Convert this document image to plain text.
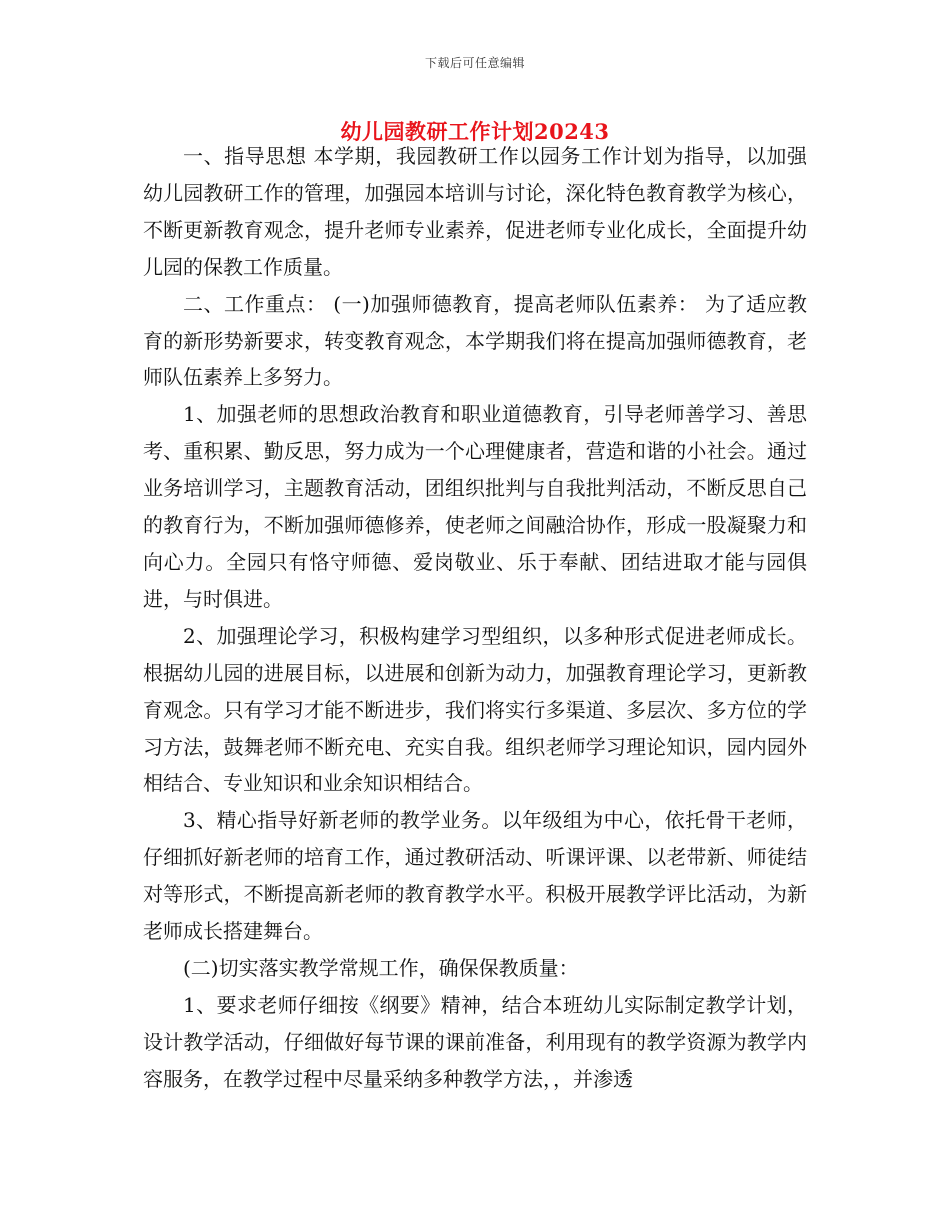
下载后可任意编辑
幼儿园教研工作计划20243

一、指导思想 本学期，我园教研工作以园务工作计划为指导，以加强幼儿园教研工作的管理，加强园本培训与讨论，深化特色教育教学为核心，不断更新教育观念，提升老师专业素养，促进老师专业化成长，全面提升幼儿园的保教工作质量。

二、工作重点： (一)加强师德教育，提高老师队伍素养： 为了适应教育的新形势新要求，转变教育观念，本学期我们将在提高加强师德教育，老师队伍素养上多努力。

1、加强老师的思想政治教育和职业道德教育，引导老师善学习、善思考、重积累、勤反思，努力成为一个心理健康者，营造和谐的小社会。通过业务培训学习，主题教育活动，团组织批判与自我批判活动，不断反思自己的教育行为，不断加强师德修养，使老师之间融洽协作，形成一股凝聚力和向心力。全园只有恪守师德、爱岗敬业、乐于奉献、团结进取才能与园俱进，与时俱进。

2、加强理论学习，积极构建学习型组织，以多种形式促进老师成长。根据幼儿园的进展目标，以进展和创新为动力，加强教育理论学习，更新教育观念。只有学习才能不断进步，我们将实行多渠道、多层次、多方位的学习方法，鼓舞老师不断充电、充实自我。组织老师学习理论知识，园内园外相结合、专业知识和业余知识相结合。

3、精心指导好新老师的教学业务。以年级组为中心，依托骨干老师，仔细抓好新老师的培育工作，通过教研活动、听课评课、以老带新、师徒结对等形式，不断提高新老师的教育教学水平。积极开展教学评比活动，为新老师成长搭建舞台。

(二)切实落实教学常规工作，确保保教质量：

1、要求老师仔细按《纲要》精神，结合本班幼儿实际制定教学计划，设计教学活动，仔细做好每节课的课前准备，利用现有的教学资源为教学内容服务，在教学过程中尽量采纳多种教学方法，，并渗透
